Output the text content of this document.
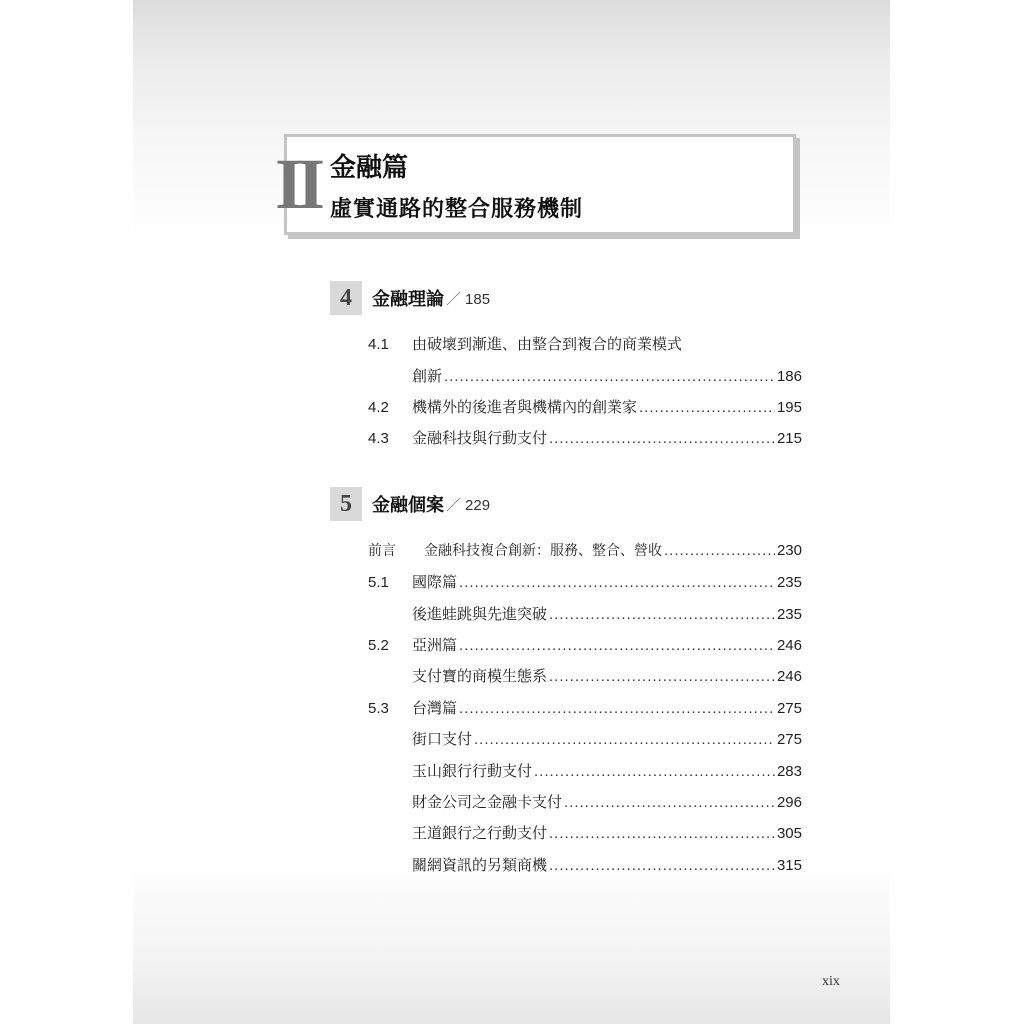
II 金融篇
虛實通路的整合服務機制
4	金融理論 ／ 185
4.1	由破壞到漸進、由整合到複合的商業模式
創新 .....	186
4.2	機構外的後進者與機構內的創業家 .....	195
4.3	金融科技與行動支付 .....	215
5	金融個案 ／ 229
前言	金融科技複合創新：服務、整合、營收 .....	230
5.1	國際篇 .....	235
後進蛙跳與先進突破 .....	235
5.2	亞洲篇 .....	246
支付寶的商模生態系 .....	246
5.3	台灣篇 .....	275
街口支付 .....	275
玉山銀行行動支付 .....	283
財金公司之金融卡支付 .....	296
王道銀行之行動支付 .....	305
關網資訊的另類商機 .....	315
xix
